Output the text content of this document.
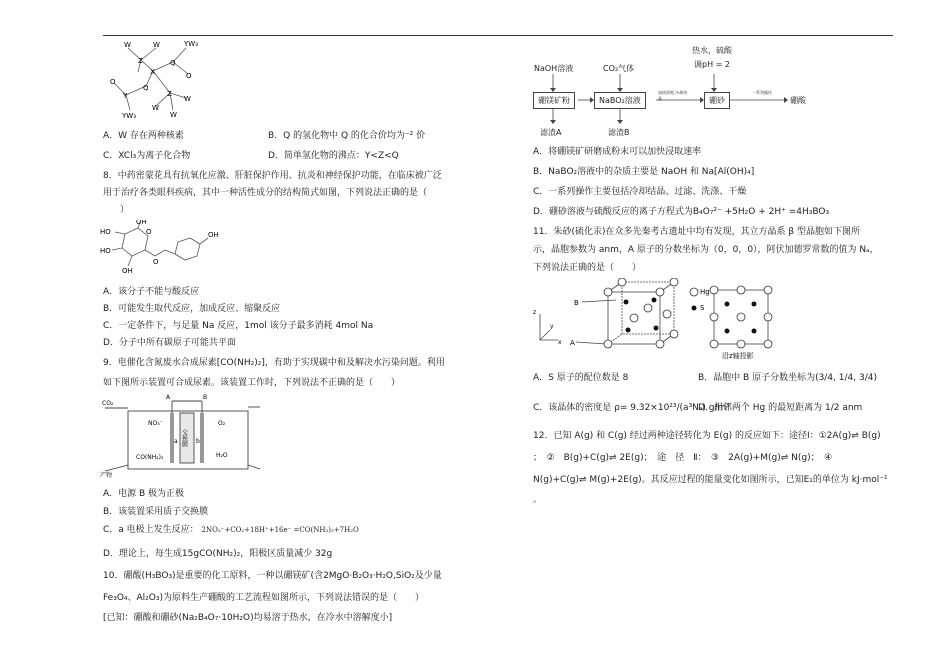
W	YW₃
W
Z	Q
O
X
O
Y
Q
Z
W
W
YW₃
W
A．W 存在两种核素	B．Q 的氢化物中 Q 的化合价均为⁻² 价
C．XCl₃为离子化合物	D．简单氢化物的沸点：Y<Z<Q
8．中药密蒙花具有抗氧化应激、肝脏保护作用、抗炎和神经保护功能，在临床被广泛
用于治疗各类眼科疾病，其中一种活性成分的结构简式如图，下列说法正确的是（
）
HO	O	OH
HO
OH
OH
O
A．该分子不能与酸反应
B．可能发生取代反应，加成反应、缩聚反应
C．一定条件下，与足量 Na 反应，1mol 该分子最多消耗 4mol Na
D．分子中所有碳原子可能共平面
9．电催化含氮废水合成尿素[CO(NH₂)₂]，有助于实现碳中和及解决水污染问题。利用
如下图所示装置可合成尿素。该装置工作时，下列说法不正确的是（　　）
CO₂
A	B
NO₃⁻
a 交换膜 b
O₂
CO(NH₂)₂	H₂O
产物
A．电源 B 极为正极
B．该装置采用质子交换膜
C．a 电极上发生反应： 2NO₃⁻+CO₂+18H⁺+16e⁻ =CO(NH₂)₂+7H₂O
D．理论上，每生成15gCO(NH₂)₂，阳极区质量减少 32g
10．硼酸(H₃BO₃)是重要的化工原料，一种以硼镁矿(含2MgO·B₂O₃·H₂O,SiO₂及少量
Fe₃O₄、Al₂O₃)为原料生产硼酸的工艺流程如图所示，下列说法错误的是（　　）
[已知：硼酸和硼砂(Na₂B₄O₇·10H₂O)均易溶于热水，在冷水中溶解度小]
热水，硫酸
NaOH溶液	CO₂气体	调pH = 2
硼镁矿粉	NaBO₂溶液
加热浓缩 冷却结晶	硼砂
一系列操作
硼酸
滤渣A	滤渣B
A．将硼镁矿研磨成粉末可以加快浸取速率
B．NaBO₂溶液中的杂质主要是 NaOH 和 Na[Al(OH)₄]
C．一系列操作主要包括冷却结晶、过滤、洗涤、干燥
D．硼砂溶液与硫酸反应的离子方程式为B₄O₇²⁻ +5H₂O + 2H⁺ =4H₃BO₃
11．朱砂(硫化汞)在众多先秦考古遗址中均有发现，其立方晶系 β 型晶胞如下图所
示，晶胞参数为 anm，A 原子的分数坐标为（0，0，0），阿伏加德罗常数的值为 Nₐ，
下列说法正确的是（　　）
Hg
S
B
A
z
y
x
沿z轴投影
A．S 原子的配位数是 8	B．晶胞中 B 原子分数坐标为(3/4, 1/4, 3/4)
C．该晶体的密度是 ρ= 9.32×10²³/(a³Nₐ) g/m³
D．相邻两个 Hg 的最短距离为 1/2 anm
12．已知 A(g) 和 C(g) 经过两种途径转化为 E(g) 的反应如下：途径Ⅰ：①2A(g)⇌ B(g)
；　②　B(g)+C(g)⇌ 2E(g)；　途　径　Ⅱ：　③　2A(g)+M(g)⇌ N(g)；　④
N(g)+C(g)⇌ M(g)+2E(g)。其反应过程的能量变化如图所示，已知E₁的单位为 kJ·mol⁻¹
。
